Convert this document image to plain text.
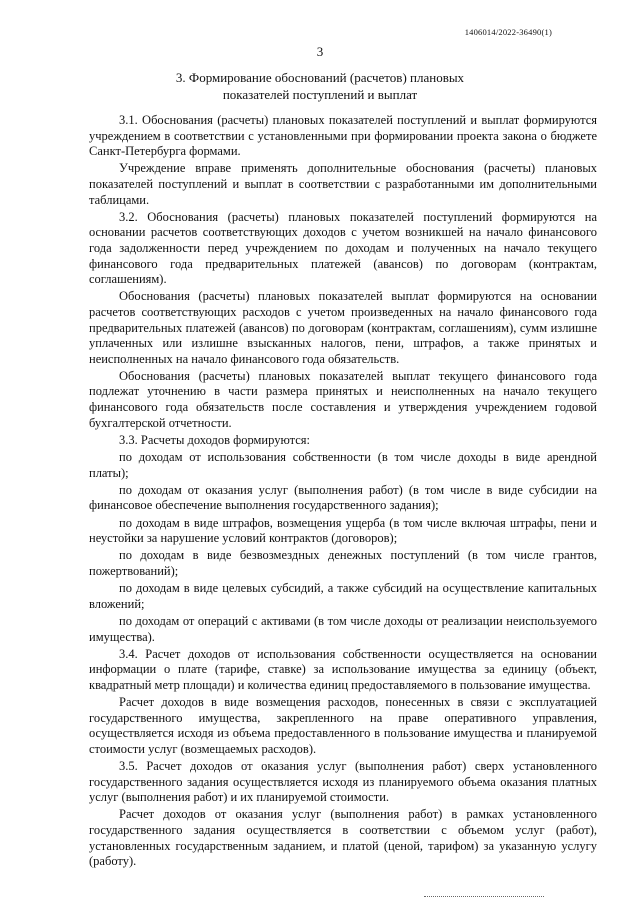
1406014/2022-36490(1)
3
3. Формирование обоснований (расчетов) плановых
показателей поступлений и выплат

3.1. Обоснования (расчеты) плановых показателей поступлений и выплат формируются учреждением в соответствии с установленными при формировании проекта закона о бюджете Санкт-Петербурга формами.

Учреждение вправе применять дополнительные обоснования (расчеты) плановых показателей поступлений и выплат в соответствии с разработанными им дополнительными таблицами.

3.2. Обоснования (расчеты) плановых показателей поступлений формируются на основании расчетов соответствующих доходов с учетом возникшей на начало финансового года задолженности перед учреждением по доходам и полученных на начало текущего финансового года предварительных платежей (авансов) по договорам (контрактам, соглашениям).

Обоснования (расчеты) плановых показателей выплат формируются на основании расчетов соответствующих расходов с учетом произведенных на начало финансового года предварительных платежей (авансов) по договорам (контрактам, соглашениям), сумм излишне уплаченных или излишне взысканных налогов, пени, штрафов, а также принятых и неисполненных на начало финансового года обязательств.

Обоснования (расчеты) плановых показателей выплат текущего финансового года подлежат уточнению в части размера принятых и неисполненных на начало текущего финансового года обязательств после составления и утверждения учреждением годовой бухгалтерской отчетности.

3.3. Расчеты доходов формируются:

по доходам от использования собственности (в том числе доходы в виде арендной платы);

по доходам от оказания услуг (выполнения работ) (в том числе в виде субсидии на финансовое обеспечение выполнения государственного задания);

по доходам в виде штрафов, возмещения ущерба (в том числе включая штрафы, пени и неустойки за нарушение условий контрактов (договоров);

по доходам в виде безвозмездных денежных поступлений (в том числе грантов, пожертвований);

по доходам в виде целевых субсидий, а также субсидий на осуществление капитальных вложений;

по доходам от операций с активами (в том числе доходы от реализации неиспользуемого имущества).

3.4. Расчет доходов от использования собственности осуществляется на основании информации о плате (тарифе, ставке) за использование имущества за единицу (объект, квадратный метр площади) и количества единиц предоставляемого в пользование имущества.

Расчет доходов в виде возмещения расходов, понесенных в связи с эксплуатацией государственного имущества, закрепленного на праве оперативного управления, осуществляется исходя из объема предоставленного в пользование имущества и планируемой стоимости услуг (возмещаемых расходов).

3.5. Расчет доходов от оказания услуг (выполнения работ) сверх установленного государственного задания осуществляется исходя из планируемого объема оказания платных услуг (выполнения работ) и их планируемой стоимости.

Расчет доходов от оказания услуг (выполнения работ) в рамках установленного государственного задания осуществляется в соответствии с объемом услуг (работ), установленных государственным заданием, и платой (ценой, тарифом) за указанную услугу (работу).
